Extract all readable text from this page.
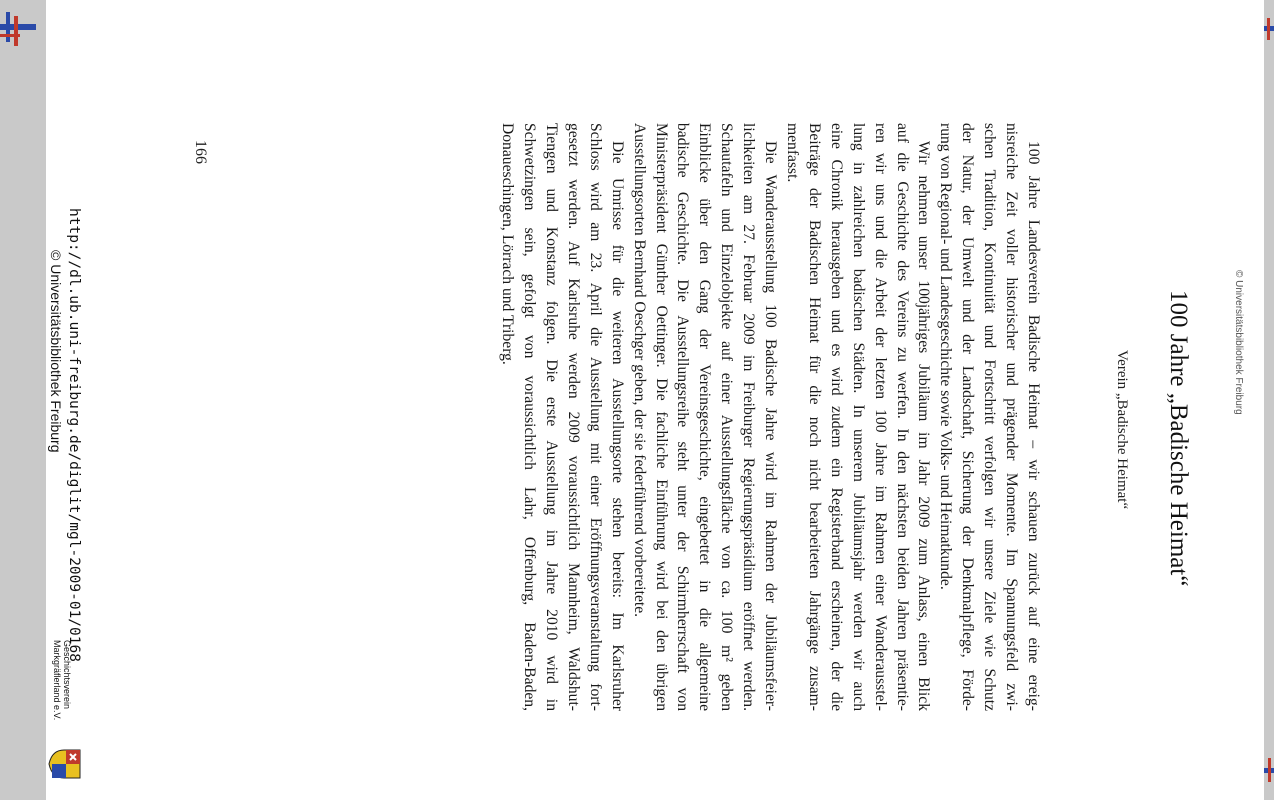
© Universitätsbibliothek Freiburg
100 Jahre „Badische Heimat“
Verein „Badische Heimat“

100 Jahre Landesverein Badische Heimat – wir schauen zurück auf eine ereig-
nisreiche Zeit voller historischer und prägender Momente. Im Spannungsfeld zwi-
schen Tradition, Kontinuität und Fortschritt verfolgen wir unsere Ziele wie Schutz
der Natur, der Umwelt und der Landschaft, Sicherung der Denkmalpflege, Förde-
rung von Regional- und Landesgeschichte sowie Volks- und Heimatkunde.

Wir nehmen unser 100jähriges Jubiläum im Jahr 2009 zum Anlass, einen Blick
auf die Geschichte des Vereins zu werfen. In den nächsten beiden Jahren präsentie-
ren wir uns und die Arbeit der letzten 100 Jahre im Rahmen einer Wanderausstel-
lung in zahlreichen badischen Städten. In unserem Jubiläumsjahr werden wir auch
eine Chronik herausgeben und es wird zudem ein Registerband erscheinen, der die
Beiträge der Badischen Heimat für die noch nicht bearbeiteten Jahrgänge zusam-
menfasst.

Die Wanderausstellung 100 Badische Jahre wird im Rahmen der Jubiläumsfeier-
lichkeiten am 27. Februar 2009 im Freiburger Regierungspräsidium eröffnet werden.
Schautafeln und Einzelobjekte auf einer Ausstellungsfläche von ca. 100 m² geben
Einblicke über den Gang der Vereinsgeschichte, eingebettet in die allgemeine
badische Geschichte. Die Ausstellungsreihe steht unter der Schirmherrschaft von
Ministerpräsident Günther Oettinger. Die fachliche Einführung wird bei den übrigen
Ausstellungsorten Bernhard Oeschger geben, der sie federführend vorbereitete.

Die Umrisse für die weiteren Ausstellungsorte stehen bereits: Im Karlsruher
Schloss wird am 23. April die Ausstellung mit einer Eröffnungsveranstaltung fort-
gesetzt werden. Auf Karlsruhe werden 2009 voraussichtlich Mannheim, Waldshut-
Tiengen und Konstanz folgen. Die erste Ausstellung im Jahre 2010 wird in
Schwetzingen sein, gefolgt von voraussichtlich Lahr, Offenburg, Baden-Baden,
Donaueschingen, Lörrach und Triberg.

166
http://dl.ub.uni-freiburg.de/diglit/mgl-2009-01/0168
© Universitätsbibliothek Freiburg
Geschichtsverein
Markgräflerland e.V.
